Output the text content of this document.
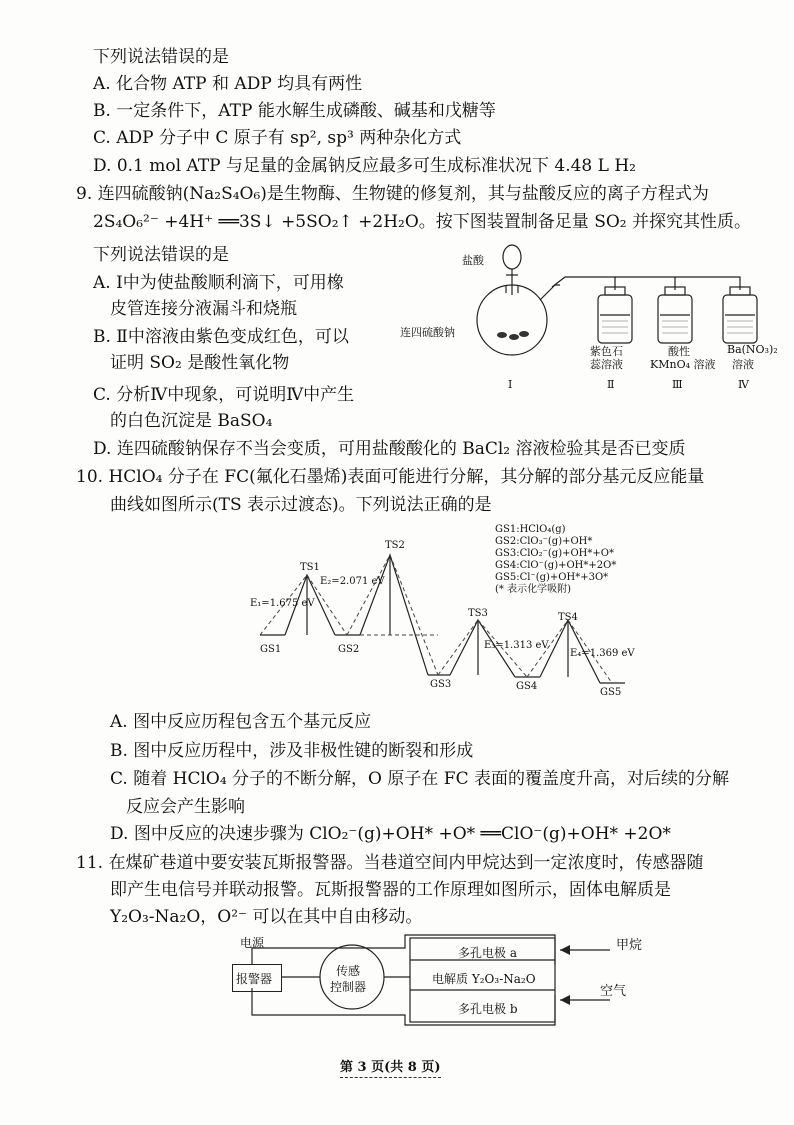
下列说法错误的是
A. 化合物 ATP 和 ADP 均具有两性
B. 一定条件下，ATP 能水解生成磷酸、碱基和戊糖等
C. ADP 分子中 C 原子有 sp², sp³ 两种杂化方式
D. 0.1 mol ATP 与足量的金属钠反应最多可生成标准状况下 4.48 L H₂
9. 连四硫酸钠(Na₂S₄O₆)是生物酶、生物键的修复剂，其与盐酸反应的离子方程式为
2S₄O₆²⁻ +4H⁺ ══3S↓ +5SO₂↑ +2H₂O。按下图装置制备足量 SO₂ 并探究其性质。
下列说法错误的是
A. Ⅰ中为使盐酸顺利滴下，可用橡
皮管连接分液漏斗和烧瓶
B. Ⅱ中溶液由紫色变成红色，可以
证明 SO₂ 是酸性氧化物
C. 分析Ⅳ中现象，可说明Ⅳ中产生
的白色沉淀是 BaSO₄
D. 连四硫酸钠保存不当会变质，可用盐酸酸化的 BaCl₂ 溶液检验其是否已变质
盐酸
连四硫酸钠
紫色石
蕊溶液
酸性
KMnO₄ 溶液
Ba(NO₃)₂
溶液
Ⅰ	Ⅱ	Ⅲ	Ⅳ
10. HClO₄ 分子在 FC(氟化石墨烯)表面可能进行分解，其分解的部分基元反应能量
曲线如图所示(TS 表示过渡态)。下列说法正确的是
TS1
TS2
TS3	TS4
E₁=1.675 eV
E₂=2.071 eV
E₃=1.313 eV
E₄=1.369 eV
GS1	GS2
GS3	GS4
GS5
GS1:HClO₄(g)
GS2:ClO₃⁻(g)+OH*
GS3:ClO₂⁻(g)+OH*+O*
GS4:ClO⁻(g)+OH*+2O*
GS5:Cl⁻(g)+OH*+3O*
(* 表示化学吸附)
A. 图中反应历程包含五个基元反应
B. 图中反应历程中，涉及非极性键的断裂和形成
C. 随着 HClO₄ 分子的不断分解，O 原子在 FC 表面的覆盖度升高，对后续的分解
反应会产生影响
D. 图中反应的决速步骤为 ClO₂⁻(g)+OH* +O* ══ClO⁻(g)+OH* +2O*
11. 在煤矿巷道中要安装瓦斯报警器。当巷道空间内甲烷达到一定浓度时，传感器随
即产生电信号并联动报警。瓦斯报警器的工作原理如图所示，固体电解质是
Y₂O₃-Na₂O，O²⁻ 可以在其中自由移动。
电源
报警器
传感
控制器
多孔电极 a
电解质 Y₂O₃-Na₂O
多孔电极 b
甲烷
空气
第 3 页(共 8 页)
